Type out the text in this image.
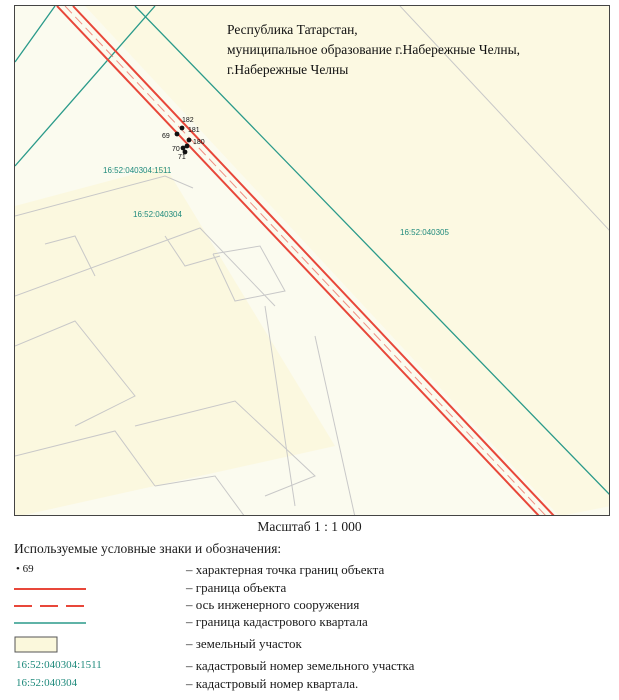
182
181
69
180
70
71
16:52:040304:1511
16:52:040304
16:52:040305
Республика Татарстан,
муниципальное образование г.Набережные Челны,
г.Набережные Челны
Масштаб 1 : 1 000
Используемые условные знаки и обозначения:
• 69	– характерная точка границ объекта
– граница объекта
– ось инженерного сооружения
– граница кадастрового квартала
– земельный участок
16:52:040304:1511	– кадастровый номер земельного участка
16:52:040304	– кадастровый номер квартала.
